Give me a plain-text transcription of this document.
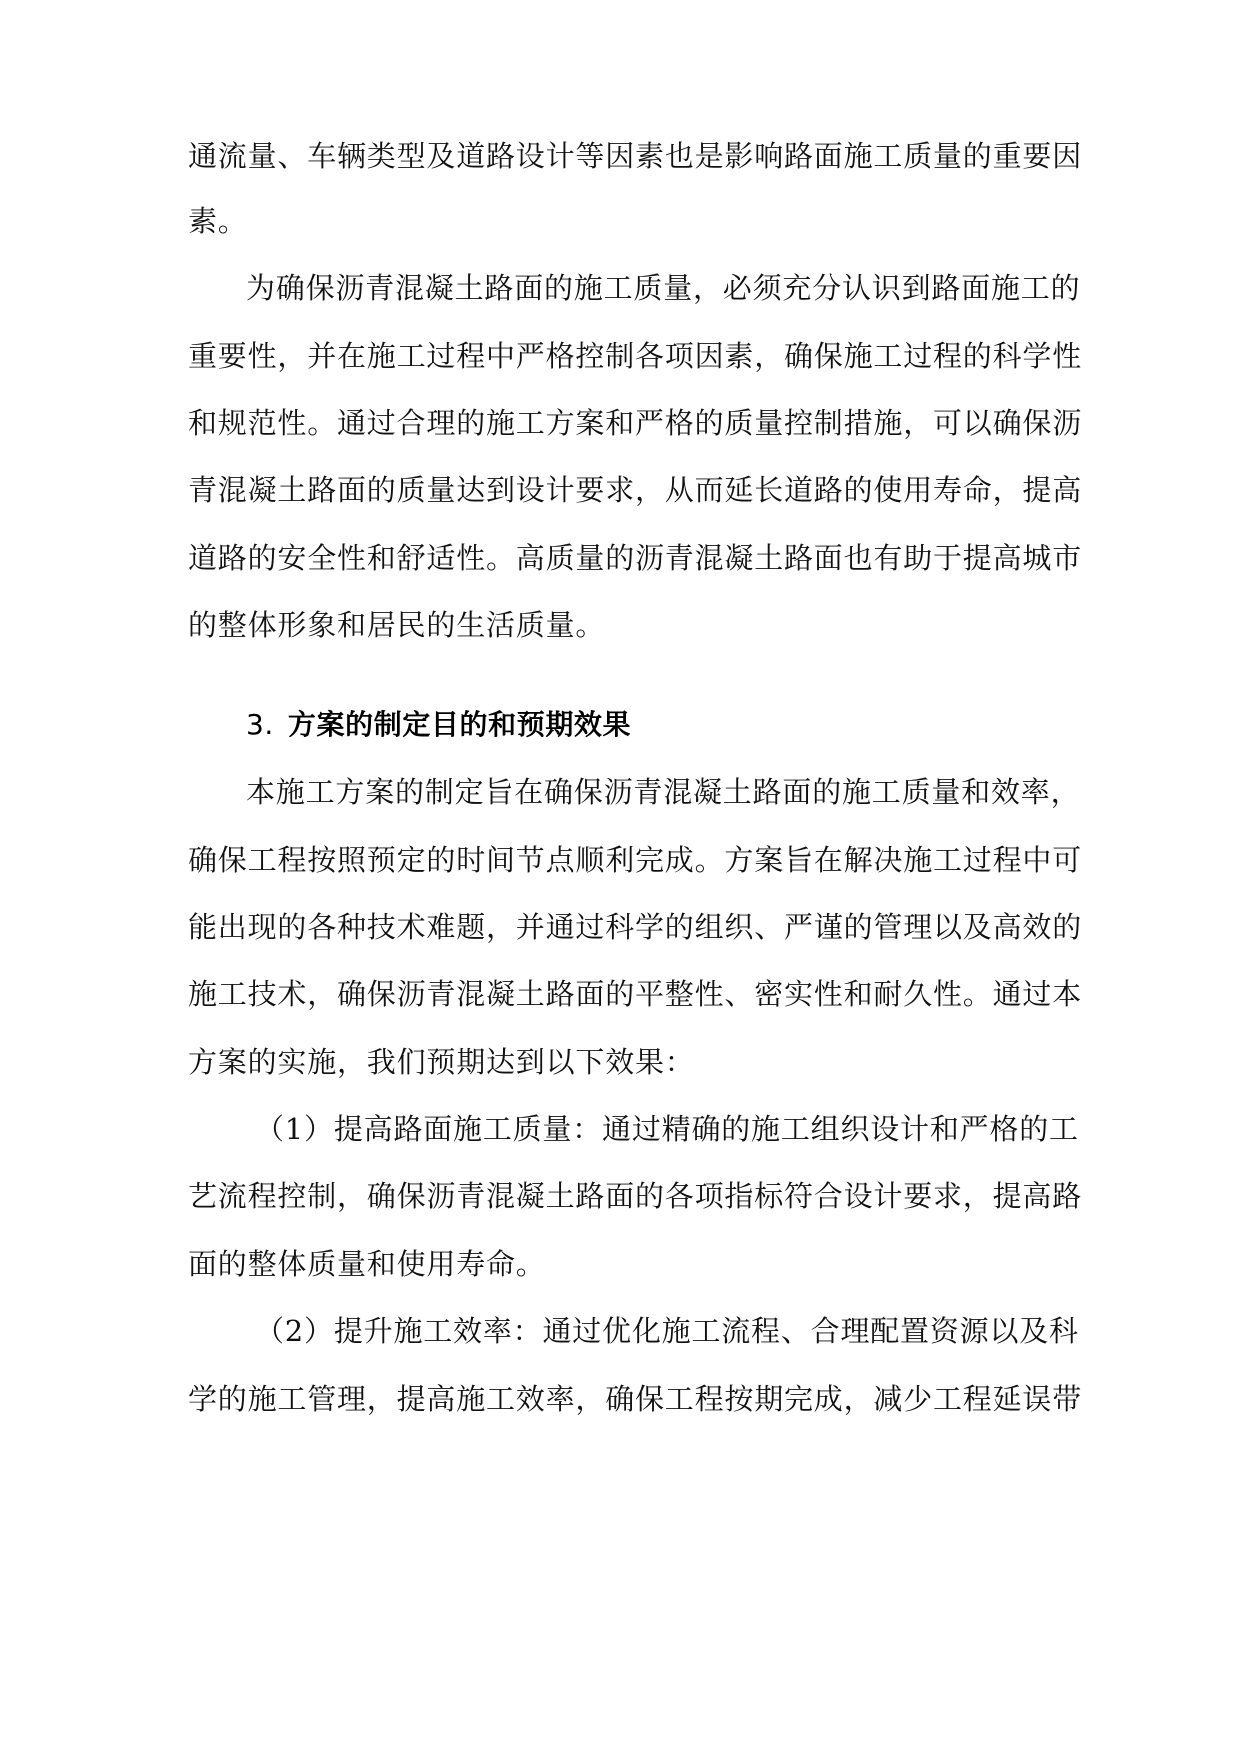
通流量、车辆类型及道路设计等因素也是影响路面施工质量的重要因
素。
为确保沥青混凝土路面的施工质量，必须充分认识到路面施工的
重要性，并在施工过程中严格控制各项因素，确保施工过程的科学性
和规范性。通过合理的施工方案和严格的质量控制措施，可以确保沥
青混凝土路面的质量达到设计要求，从而延长道路的使用寿命，提高
道路的安全性和舒适性。高质量的沥青混凝土路面也有助于提高城市
的整体形象和居民的生活质量。
3. 方案的制定目的和预期效果
本施工方案的制定旨在确保沥青混凝土路面的施工质量和效率，
确保工程按照预定的时间节点顺利完成。方案旨在解决施工过程中可
能出现的各种技术难题，并通过科学的组织、严谨的管理以及高效的
施工技术，确保沥青混凝土路面的平整性、密实性和耐久性。通过本
方案的实施，我们预期达到以下效果：
（1）提高路面施工质量：通过精确的施工组织设计和严格的工
艺流程控制，确保沥青混凝土路面的各项指标符合设计要求，提高路
面的整体质量和使用寿命。
（2）提升施工效率：通过优化施工流程、合理配置资源以及科
学的施工管理，提高施工效率，确保工程按期完成，减少工程延误带
